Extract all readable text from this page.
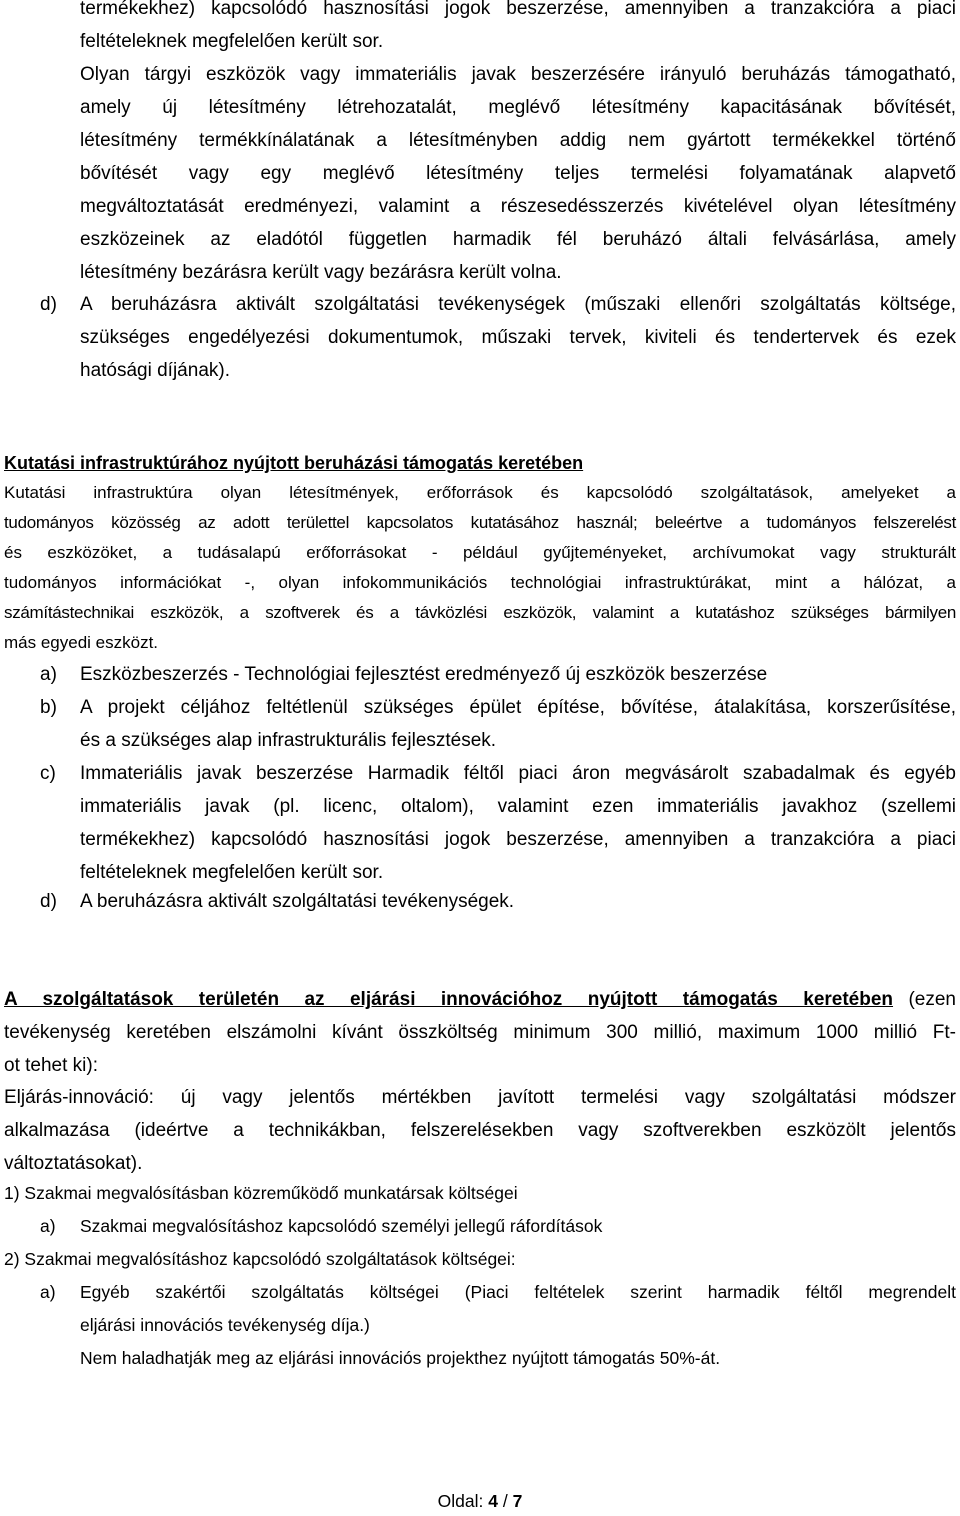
termékekhez) kapcsolódó hasznosítási jogok beszerzése, amennyiben a tranzakcióra a piaci
feltételeknek megfelelően került sor.
Olyan tárgyi eszközök vagy immateriális javak beszerzésére irányuló beruházás támogatható,
amely új létesítmény létrehozatalát, meglévő létesítmény kapacitásának bővítését,
létesítmény termékkínálatának a létesítményben addig nem gyártott termékekkel történő
bővítését vagy egy meglévő létesítmény teljes termelési folyamatának alapvető
megváltoztatását eredményezi, valamint a részesedésszerzés kivételével olyan létesítmény
eszközeinek az eladótól független harmadik fél beruházó általi felvásárlása, amely
létesítmény bezárásra került vagy bezárásra került volna.
d) A beruházásra aktivált szolgáltatási tevékenységek (műszaki ellenőri szolgáltatás költsége,
szükséges engedélyezési dokumentumok, műszaki tervek, kiviteli és tendertervek és ezek
hatósági díjának).
Kutatási infrastruktúrához nyújtott beruházási támogatás keretében
Kutatási infrastruktúra olyan létesítmények, erőforrások és kapcsolódó szolgáltatások, amelyeket a
tudományos közösség az adott területtel kapcsolatos kutatásához használ; beleértve a tudományos felszerelést
és eszközöket, a tudásalapú erőforrásokat - például gyűjteményeket, archívumokat vagy strukturált
tudományos információkat -, olyan infokommunikációs technológiai infrastruktúrákat, mint a hálózat, a
számítástechnikai eszközök, a szoftverek és a távközlési eszközök, valamint a kutatáshoz szükséges bármilyen
más egyedi eszközt.
a) Eszközbeszerzés - Technológiai fejlesztést eredményező új eszközök beszerzése
b) A projekt céljához feltétlenül szükséges épület építése, bővítése, átalakítása, korszerűsítése,
és a szükséges alap infrastrukturális fejlesztések.
c) Immateriális javak beszerzése Harmadik féltől piaci áron megvásárolt szabadalmak és egyéb
immateriális javak (pl. licenc, oltalom), valamint ezen immateriális javakhoz (szellemi
termékekhez) kapcsolódó hasznosítási jogok beszerzése, amennyiben a tranzakcióra a piaci
feltételeknek megfelelően került sor.
d) A beruházásra aktivált szolgáltatási tevékenységek.
A szolgáltatások területén az eljárási innovációhoz nyújtott támogatás keretében (ezen
tevékenység keretében elszámolni kívánt összköltség minimum 300 millió, maximum 1000 millió Ft-
ot tehet ki):
Eljárás-innováció: új vagy jelentős mértékben javított termelési vagy szolgáltatási módszer
alkalmazása (ideértve a technikákban, felszerelésekben vagy szoftverekben eszközölt jelentős
változtatásokat).
1) Szakmai megvalósításban közreműködő munkatársak költségei
a) Szakmai megvalósításhoz kapcsolódó személyi jellegű ráfordítások
2) Szakmai megvalósításhoz kapcsolódó szolgáltatások költségei:
a) Egyéb szakértői szolgáltatás költségei (Piaci feltételek szerint harmadik féltől megrendelt
eljárási innovációs tevékenység díja.)
Nem haladhatják meg az eljárási innovációs projekthez nyújtott támogatás 50%-át.
Oldal: 4 / 7
